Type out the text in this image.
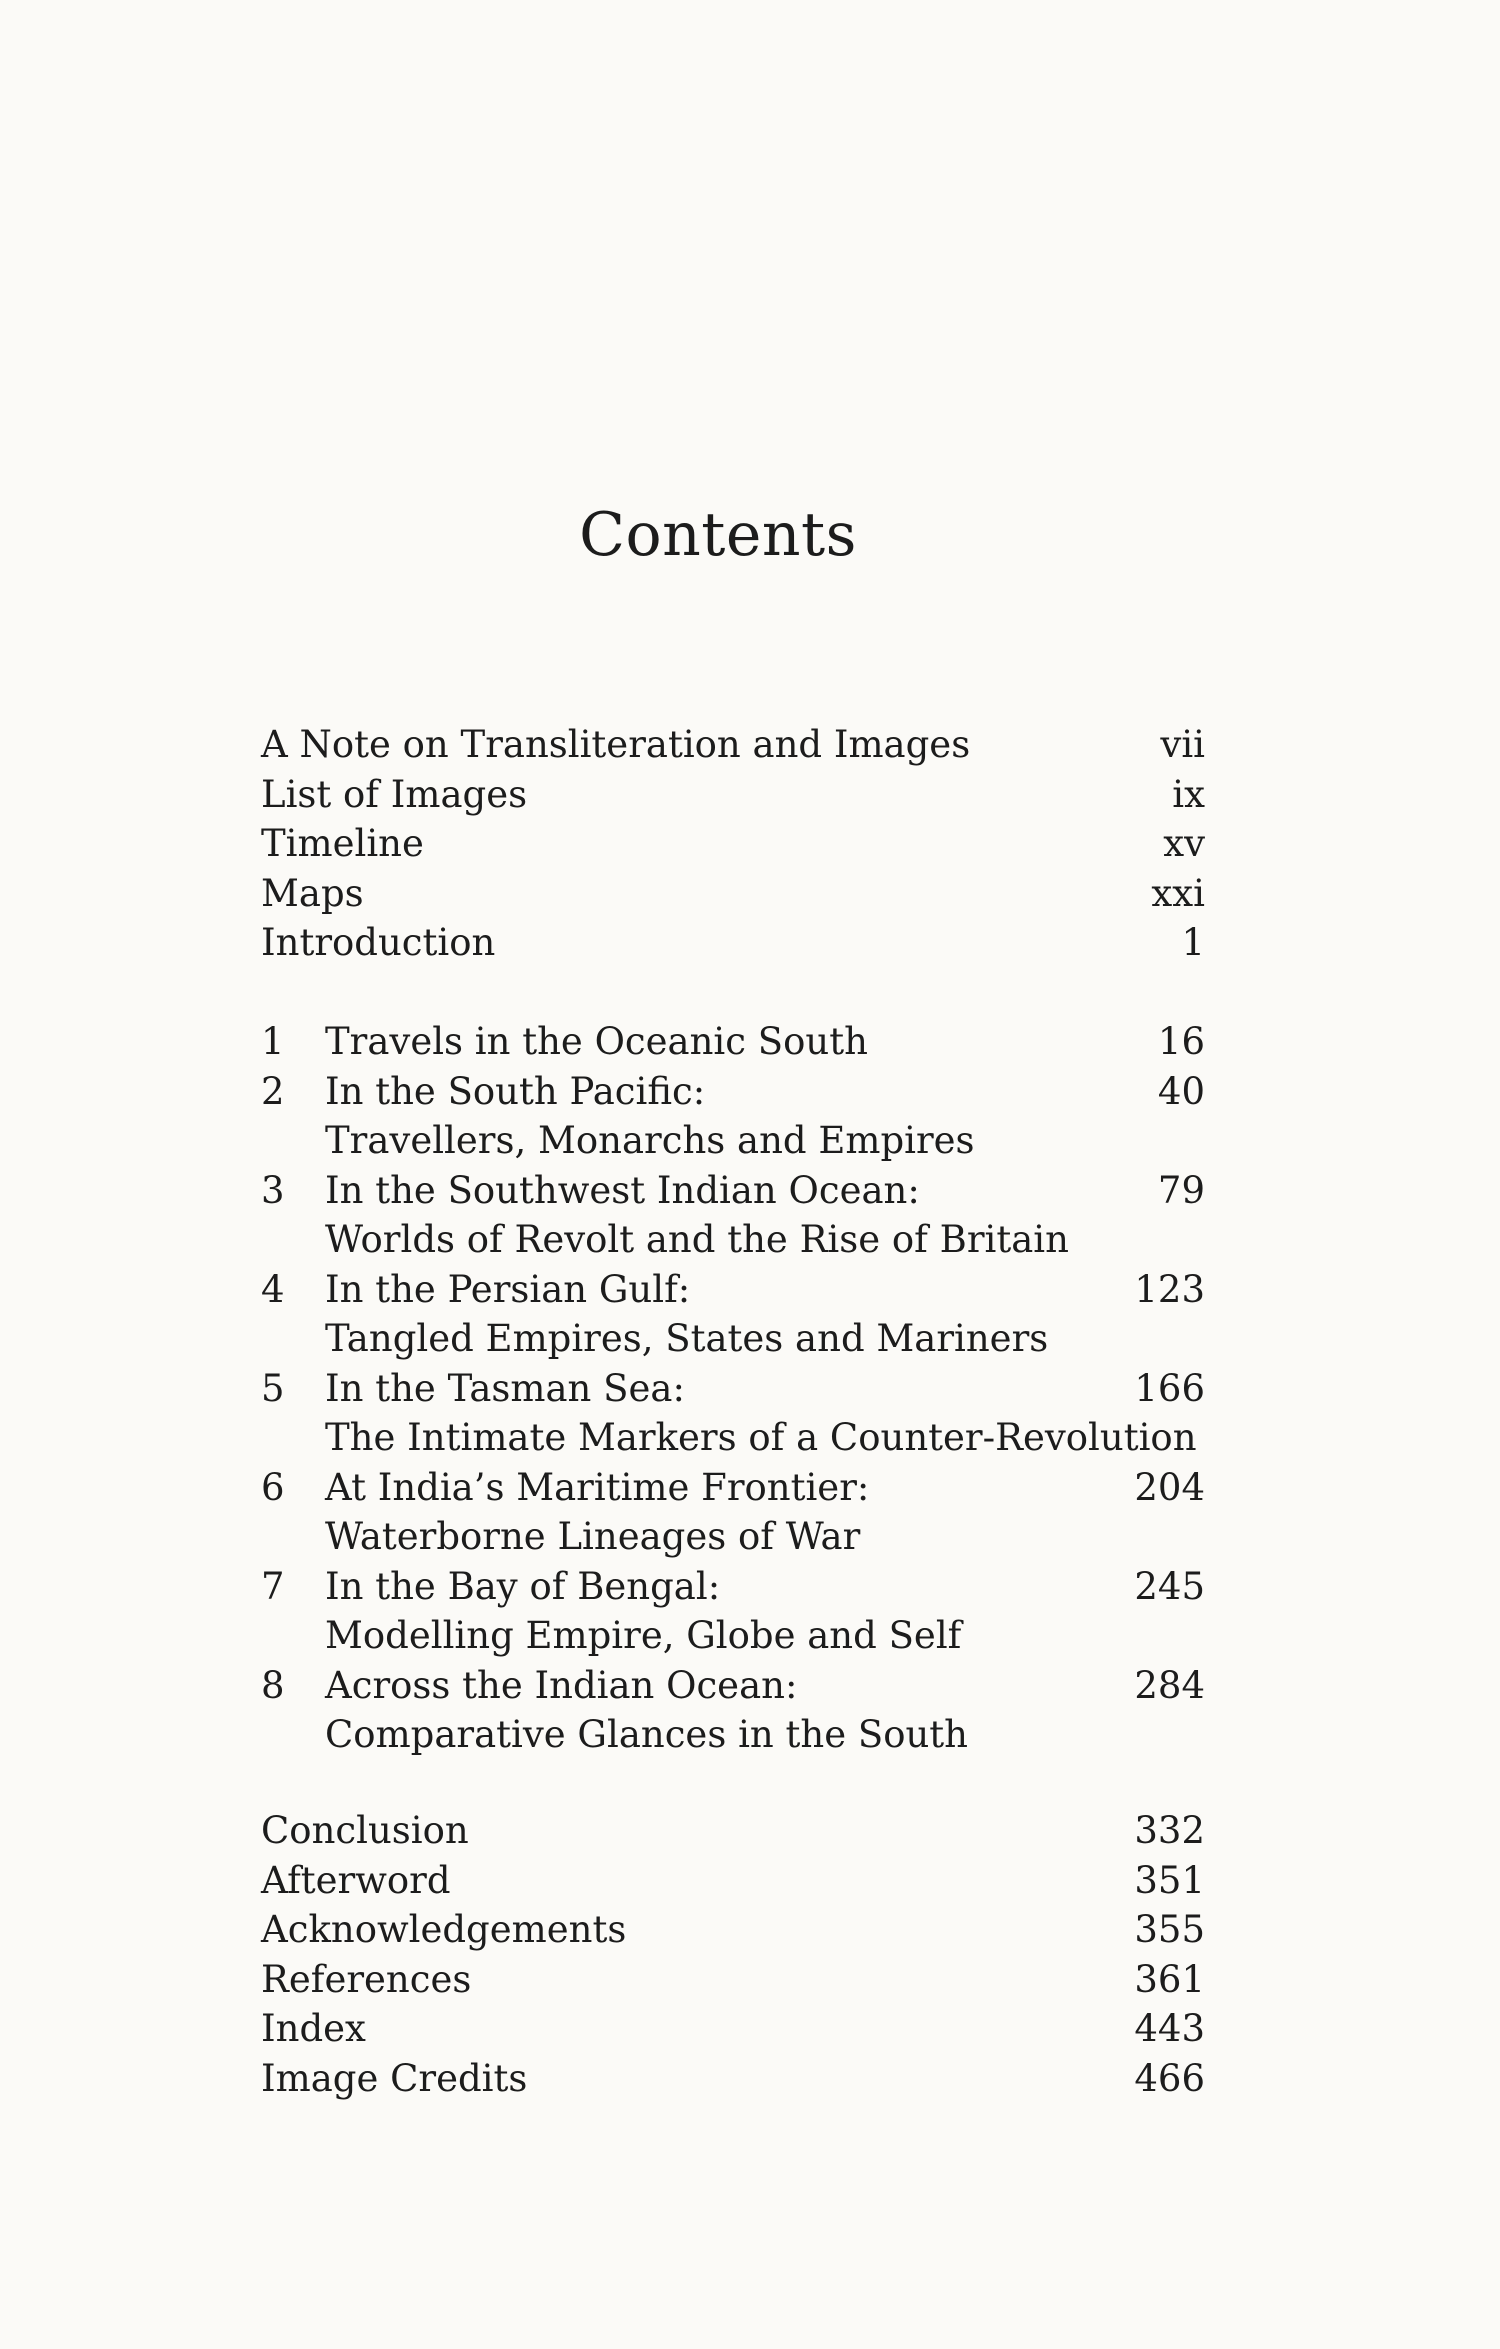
Contents
A Note on Transliteration and Images	vii
List of Images	ix
Timeline	xv
Maps	xxi
Introduction	1
1 Travels in the Oceanic South	16
2 In the South Pacific:	40
Travellers, Monarchs and Empires
3 In the Southwest Indian Ocean:	79
Worlds of Revolt and the Rise of Britain
4 In the Persian Gulf:	123
Tangled Empires, States and Mariners
5 In the Tasman Sea:	166
The Intimate Markers of a Counter-Revolution
6 At India’s Maritime Frontier:	204
Waterborne Lineages of War
7 In the Bay of Bengal:	245
Modelling Empire, Globe and Self
8 Across the Indian Ocean:	284
Comparative Glances in the South
Conclusion	332
Afterword	351
Acknowledgements	355
References	361
Index	443
Image Credits	466
